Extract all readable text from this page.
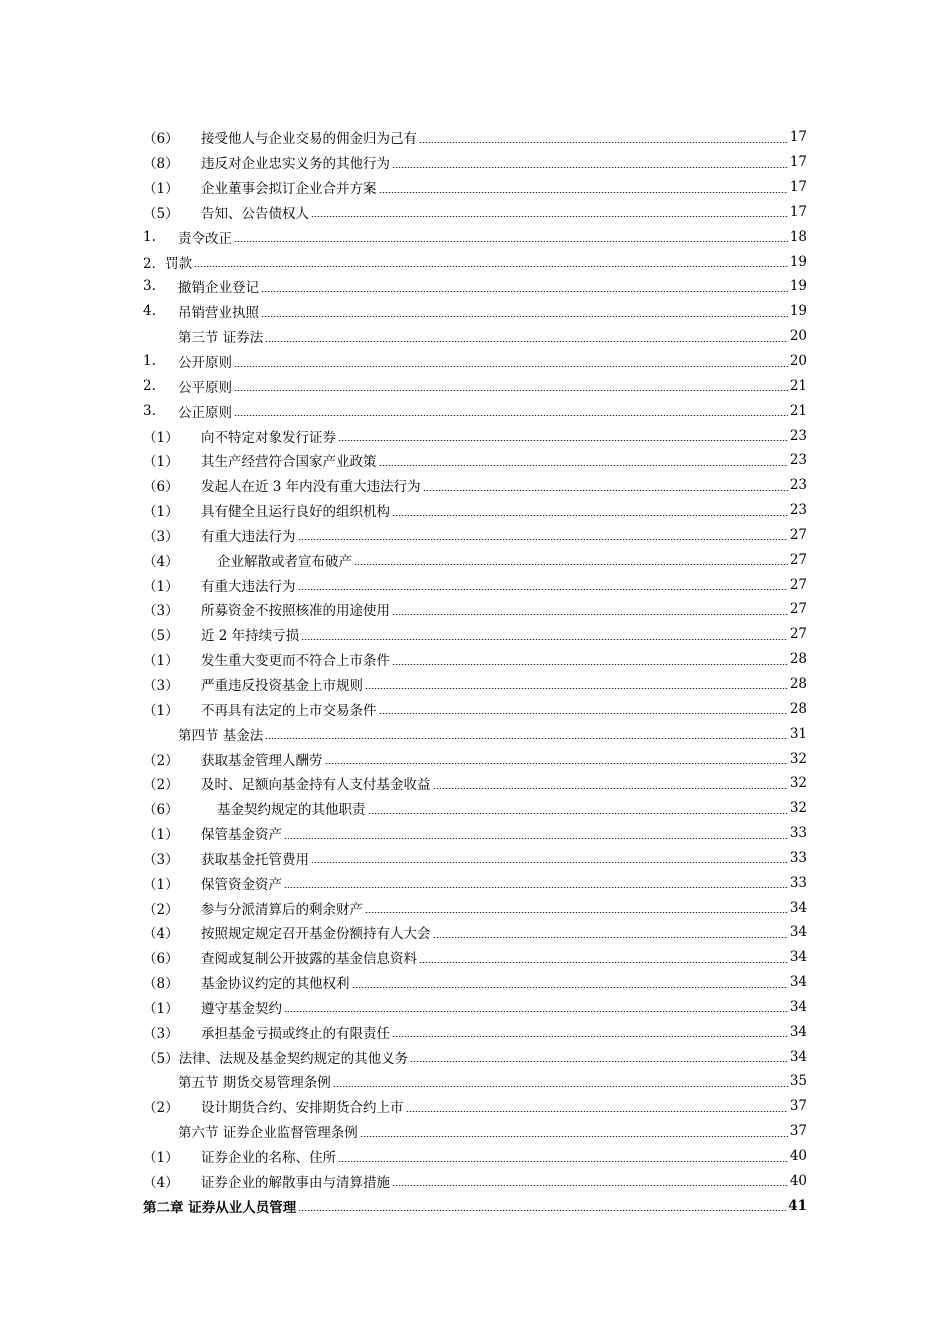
（6）	接受他人与企业交易的佣金归为己有	17
（8）	违反对企业忠实义务的其他行为	17
（1）	企业董事会拟订企业合并方案	17
（5）	告知、公告债权人	17
1.	责令改正	18
2．罚款	19
3.	撤销企业登记	19
4.	吊销营业执照	19
第三节 证券法	20
1.	公开原则	20
2.	公平原则	21
3.	公正原则	21
（1）	向不特定对象发行证券	23
（1）	其生产经营符合国家产业政策	23
（6）	发起人在近 3 年内没有重大违法行为	23
（1）	具有健全且运行良好的组织机构	23
（3）	有重大违法行为	27
（4）	企业解散或者宣布破产	27
（1）	有重大违法行为	27
（3）	所募资金不按照核准的用途使用	27
（5）	近 2 年持续亏损	27
（1）	发生重大变更而不符合上市条件	28
（3）	严重违反投资基金上市规则	28
（1）	不再具有法定的上市交易条件	28
第四节 基金法	31
（2）	获取基金管理人酬劳	32
（2）	及时、足额向基金持有人支付基金收益	32
（6）	基金契约规定的其他职责	32
（1）	保管基金资产	33
（3）	获取基金托管费用	33
（1）	保管资金资产	33
（2）	参与分派清算后的剩余财产	34
（4）	按照规定规定召开基金份额持有人大会	34
（6）	查阅或复制公开披露的基金信息资料	34
（8）	基金协议约定的其他权利	34
（1）	遵守基金契约	34
（3）	承担基金亏损或终止的有限责任	34
（5）法律、法规及基金契约规定的其他义务	34
第五节 期货交易管理条例	35
（2）	设计期货合约、安排期货合约上市	37
第六节 证券企业监督管理条例	37
（1）	证券企业的名称、住所	40
（4）	证券企业的解散事由与清算措施	40
第二章 证券从业人员管理	41
